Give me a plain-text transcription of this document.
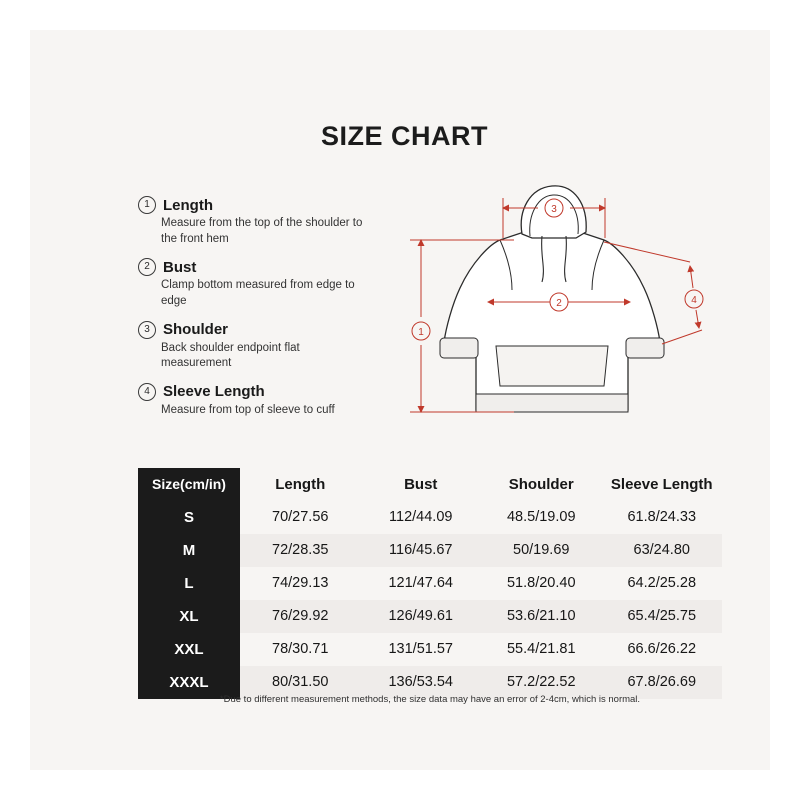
SIZE CHART
1 Length
Measure from the top of the shoulder to the front hem
2 Bust
Clamp bottom measured from edge to edge
3 Shoulder
Back shoulder endpoint flat measurement
4 Sleeve Length
Measure from top of sleeve to cuff
3
1
2	4
Size(cm/in)	Length	Bust	Shoulder	Sleeve Length
S	70/27.56	112/44.09	48.5/19.09	61.8/24.33
M	72/28.35	116/45.67	50/19.69	63/24.80
L	74/29.13	121/47.64	51.8/20.40	64.2/25.28
XL	76/29.92	126/49.61	53.6/21.10	65.4/25.75
XXL	78/30.71	131/51.57	55.4/21.81	66.6/26.22
XXXL	80/31.50	136/53.54	57.2/22.52	67.8/26.69
*Due to different measurement methods, the size data may have an error of 2-4cm, which is normal.
